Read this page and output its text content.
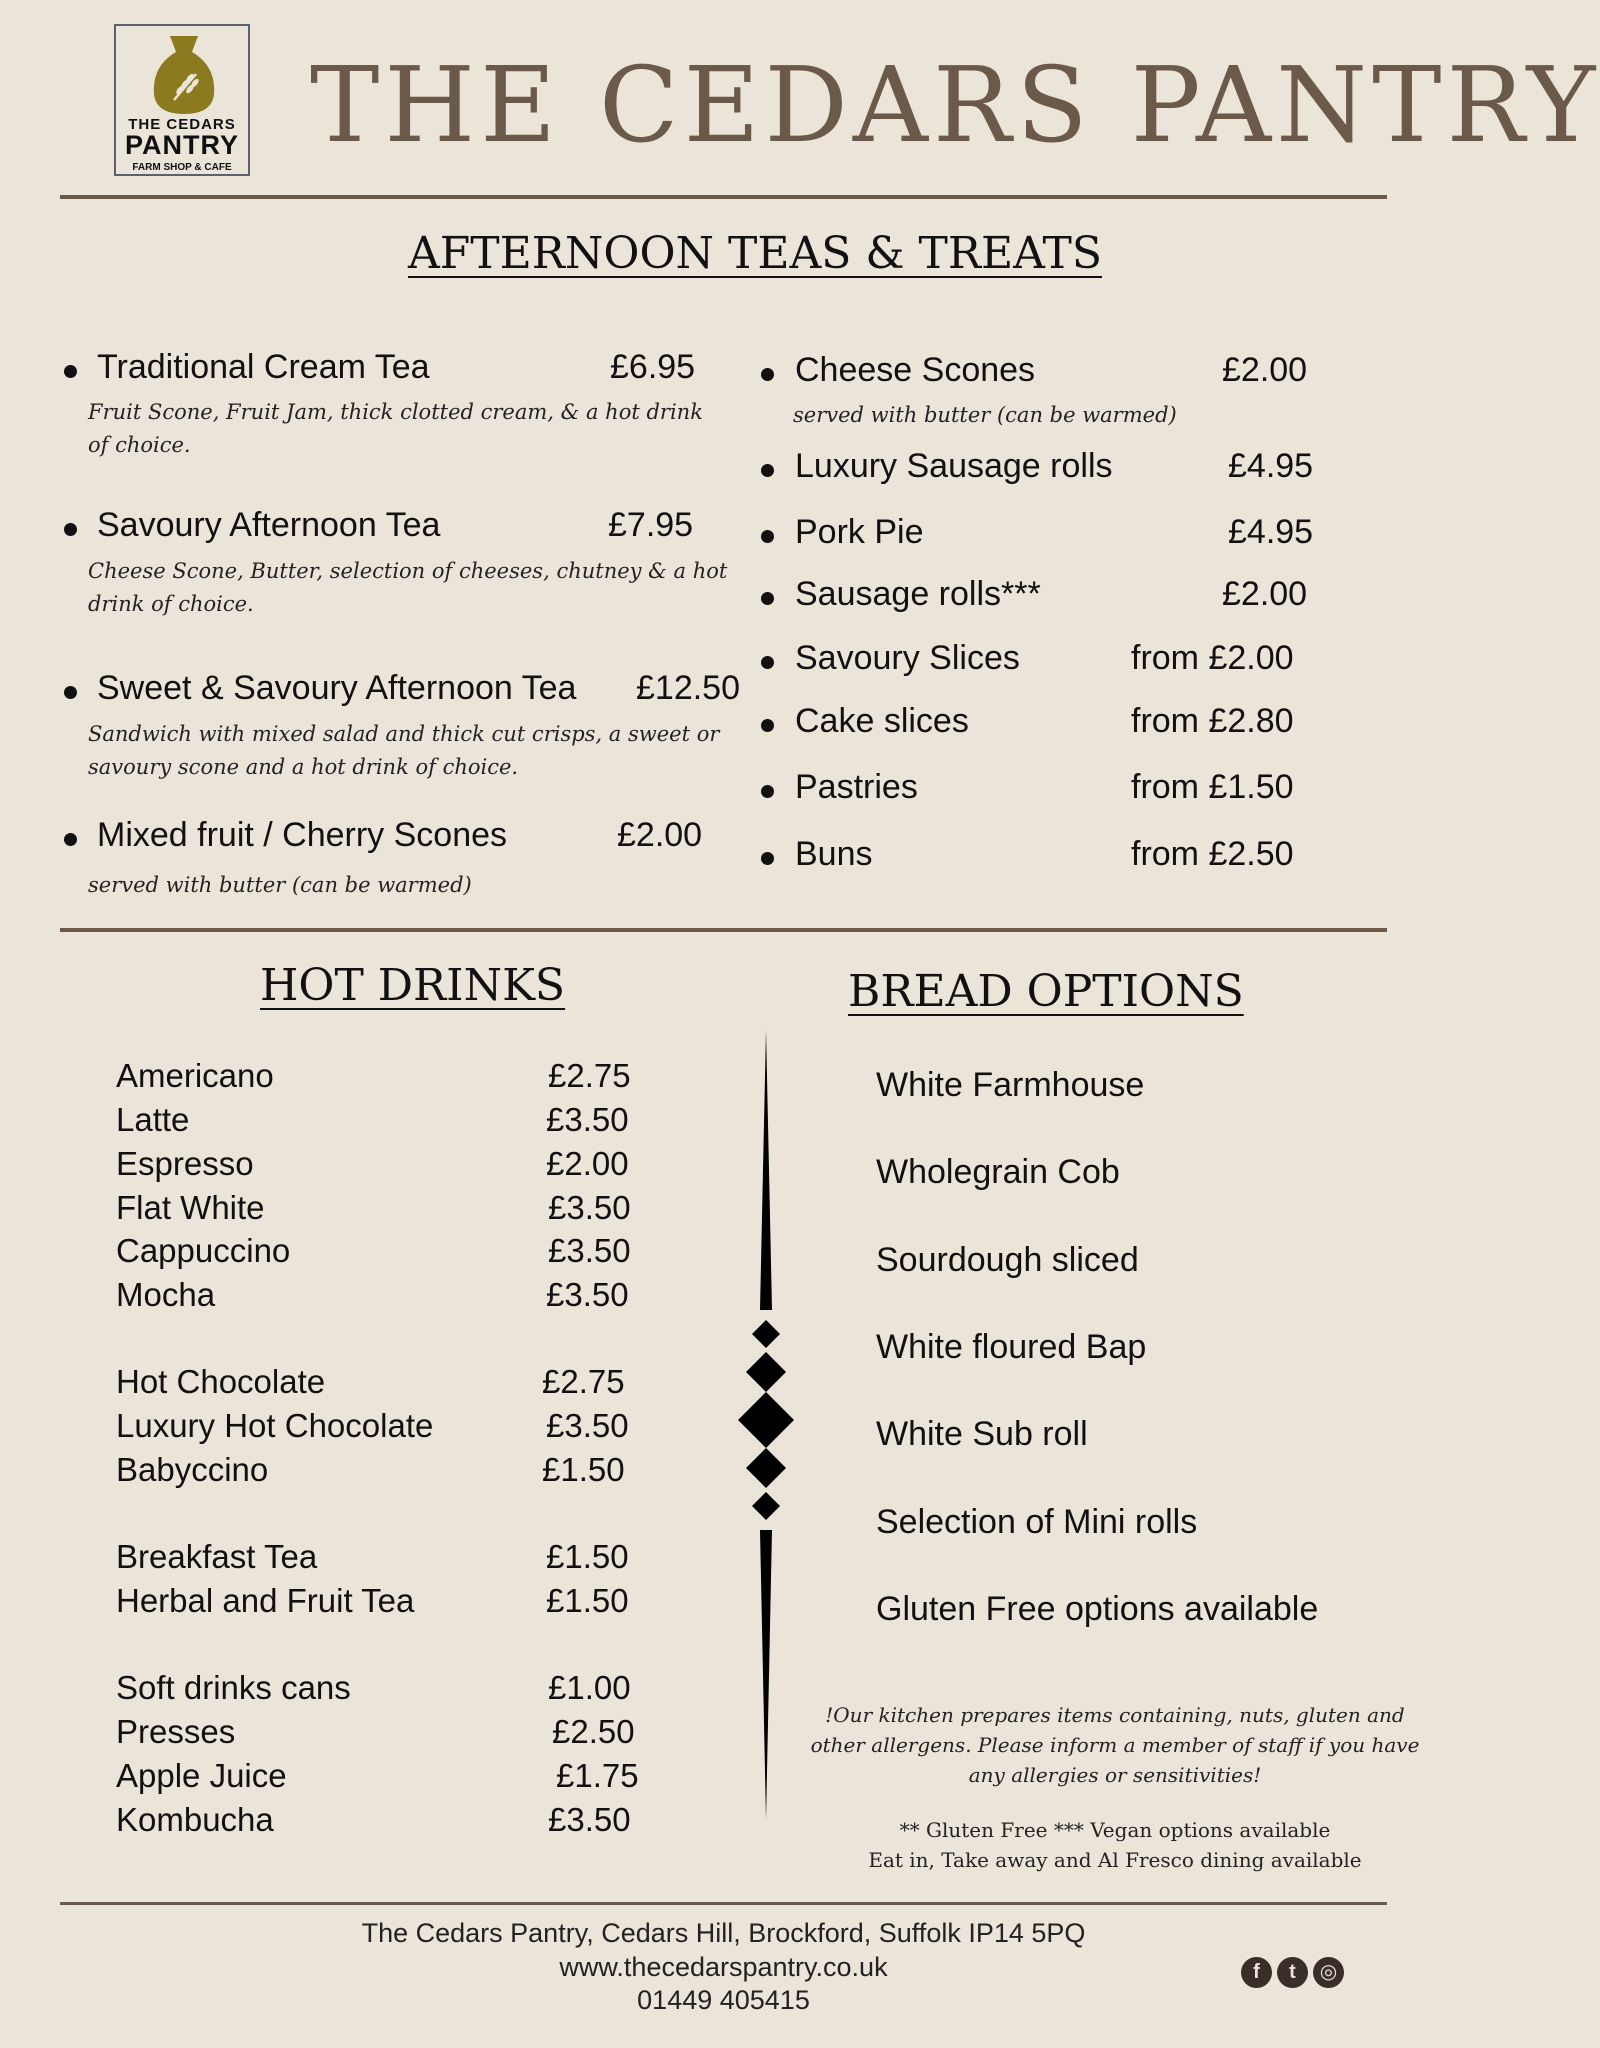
THE CEDARS
PANTRY
FARM SHOP & CAFE
THE CEDARS PANTRY
AFTERNOON TEAS & TREATS
Traditional Cream Tea	£6.95
Fruit Scone, Fruit Jam, thick clotted cream, & a hot drink of choice.
Savoury Afternoon Tea	£7.95
Cheese Scone, Butter, selection of cheeses, chutney & a hot drink of choice.
Sweet & Savoury Afternoon Tea £12.50
Sandwich with mixed salad and thick cut crisps, a sweet or savoury scone and a hot drink of choice.
Mixed fruit / Cherry Scones	£2.00
served with butter (can be warmed)
Cheese Scones	£2.00
served with butter (can be warmed)
Luxury Sausage rolls	£4.95
Pork Pie	£4.95
Sausage rolls***	£2.00
Savoury Slices	from £2.00
Cake slices	from £2.80
Pastries	from £1.50
Buns	from £2.50
HOT DRINKS
Americano	£2.75
Latte	£3.50
Espresso	£2.00
Flat White	£3.50
Cappuccino	£3.50
Mocha	£3.50
Hot Chocolate	£2.75
Luxury Hot Chocolate	£3.50
Babyccino	£1.50
Breakfast Tea	£1.50
Herbal and Fruit Tea	£1.50
Soft drinks cans	£1.00
Presses	£2.50
Apple Juice	£1.75
Kombucha	£3.50
BREAD OPTIONS
White Farmhouse
Wholegrain Cob
Sourdough sliced
White floured Bap
White Sub roll
Selection of Mini rolls
Gluten Free options available
!Our kitchen prepares items containing, nuts, gluten and other allergens. Please inform a member of staff if you have any allergies or sensitivities!
** Gluten Free *** Vegan options available
Eat in, Take away and Al Fresco dining available
The Cedars Pantry, Cedars Hill, Brockford, Suffolk IP14 5PQ
www.thecedarspantry.co.uk
01449 405415
f	t	◎
